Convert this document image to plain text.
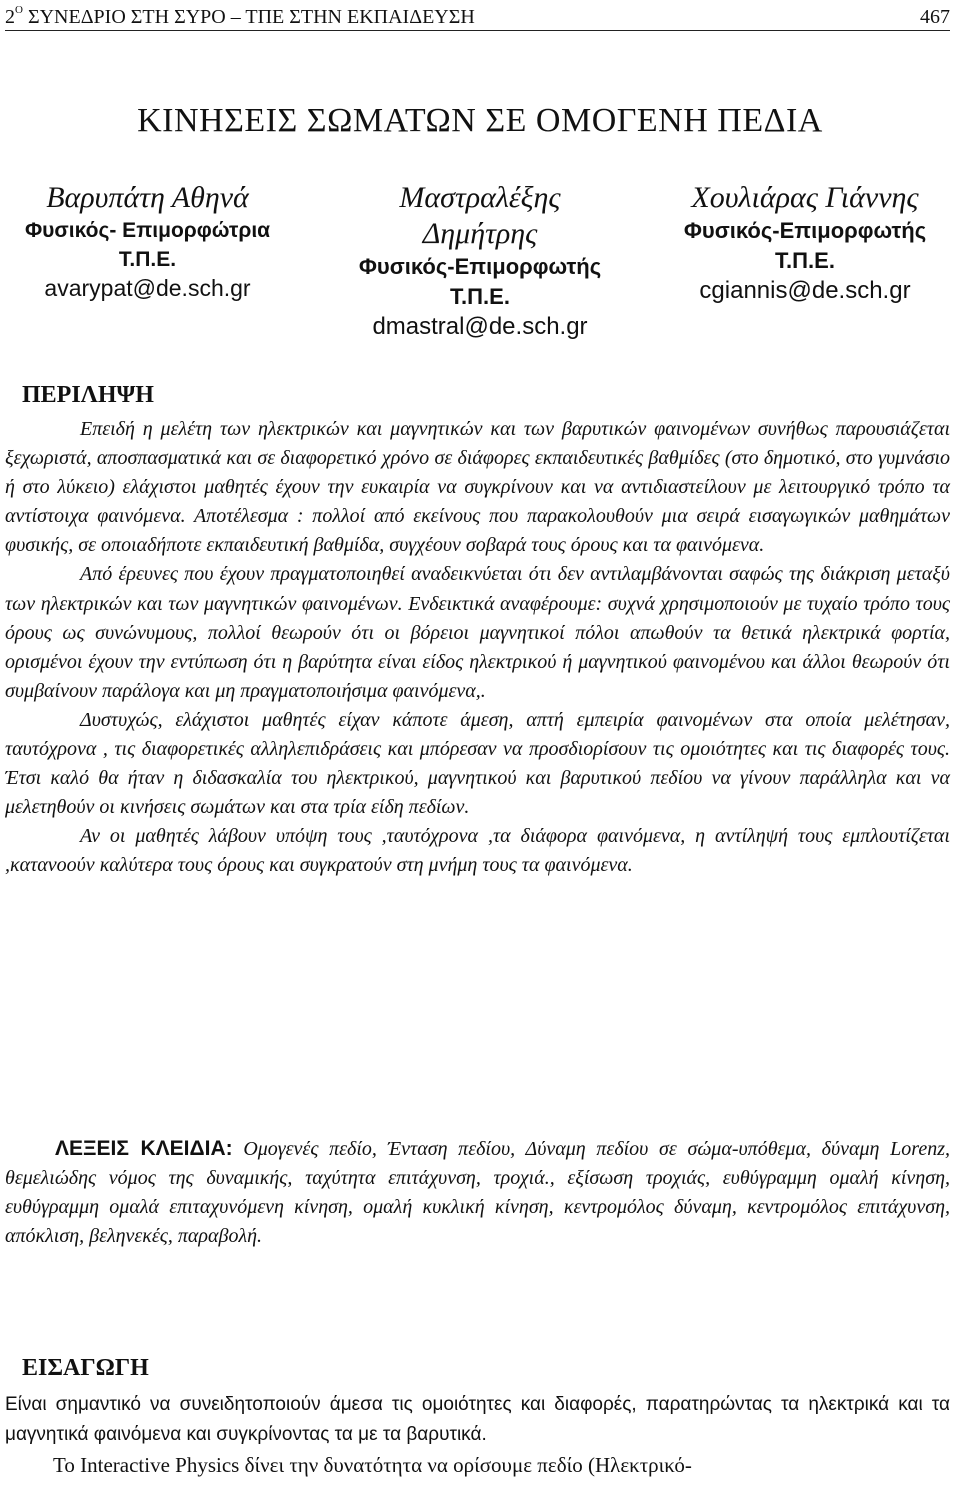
$2^O$ ΣΥΝΕΔΡΙΟ ΣΤΗ ΣΥΡΟ – ΤΠΕ ΣΤΗΝ ΕΚΠΑΙΔΕΥΣΗ	467
ΚΙΝΗΣΕΙΣ ΣΩΜΑΤΩΝ ΣΕ ΟΜΟΓΕΝΗ ΠΕΔΙΑ
Βαρυπάτη Αθηνά
Φυσικός- Επιμορφώτρια
Τ.Π.Ε.
avarypat@de.sch.gr
Μαστραλέξης
Δημήτρης
Φυσικός-Επιμορφωτής
Τ.Π.Ε.
dmastral@de.sch.gr
Χουλιάρας Γιάννης
Φυσικός-Επιμορφωτής
Τ.Π.Ε.
cgiannis@de.sch.gr
ΠΕΡΙΛΗΨΗ

Επειδή η μελέτη των ηλεκτρικών και μαγνητικών και των βαρυτικών φαινομένων συνήθως παρουσιάζεται ξεχωριστά, αποσπασματικά και σε διαφορετικό χρόνο σε διάφορες εκπαιδευτικές βαθμίδες (στο δημοτικό, στο γυμνάσιο ή στο λύκειο) ελάχιστοι μαθητές έχουν την ευκαιρία να συγκρίνουν και να αντιδιαστείλουν με λειτουργικό τρόπο τα αντίστοιχα φαινόμενα. Αποτέλεσμα : πολλοί από εκείνους που παρακολουθούν μια σειρά εισαγωγικών μαθημάτων φυσικής, σε οποιαδήποτε εκπαιδευτική βαθμίδα, συγχέουν σοβαρά τους όρους και τα φαινόμενα.

Από έρευνες που έχουν πραγματοποιηθεί αναδεικνύεται ότι δεν αντιλαμβάνονται σαφώς της διάκριση μεταξύ των ηλεκτρικών και των μαγνητικών φαινομένων. Ενδεικτικά αναφέρουμε: συχνά χρησιμοποιούν με τυχαίο τρόπο τους όρους ως συνώνυμους, πολλοί θεωρούν ότι οι βόρειοι μαγνητικοί πόλοι απωθούν τα θετικά ηλεκτρικά φορτία, ορισμένοι έχουν την εντύπωση ότι η βαρύτητα είναι είδος ηλεκτρικού ή μαγνητικού φαινομένου και άλλοι θεωρούν ότι συμβαίνουν παράλογα και μη πραγματοποιήσιμα φαινόμενα,.

Δυστυχώς, ελάχιστοι μαθητές είχαν κάποτε άμεση, απτή εμπειρία φαινομένων στα οποία μελέτησαν, ταυτόχρονα , τις διαφορετικές αλληλεπιδράσεις και μπόρεσαν να προσδιορίσουν τις ομοιότητες και τις διαφορές τους. Έτσι καλό θα ήταν η διδασκαλία του ηλεκτρικού, μαγνητικού και βαρυτικού πεδίου να γίνουν παράλληλα και να μελετηθούν οι κινήσεις σωμάτων και στα τρία είδη πεδίων.

Αν οι μαθητές λάβουν υπόψη τους ,ταυτόχρονα ,τα διάφορα φαινόμενα, η αντίληψή τους εμπλουτίζεται ,κατανοούν καλύτερα τους όρους και συγκρατούν στη μνήμη τους τα φαινόμενα.

ΛΕΞΕΙΣ ΚΛΕΙΔΙΑ: Ομογενές πεδίο, Ένταση πεδίου, Δύναμη πεδίου σε σώμα-υπόθεμα, δύναμη Lorenz, θεμελιώδης νόμος της δυναμικής, ταχύτητα επιτάχυνση, τροχιά., εξίσωση τροχιάς, ευθύγραμμη ομαλή κίνηση, ευθύγραμμη ομαλά επιταχυνόμενη κίνηση, ομαλή κυκλική κίνηση, κεντρομόλος δύναμη, κεντρομόλος επιτάχυνση, απόκλιση, βεληνεκές, παραβολή.
ΕΙΣΑΓΩΓΗ

Είναι σημαντικό να συνειδητοποιούν άμεσα τις ομοιότητες και διαφορές, παρατηρώντας τα ηλεκτρικά και τα μαγνητικά φαινόμενα και συγκρίνοντας τα με τα βαρυτικά.

Το Interactive Physics δίνει την δυνατότητα να ορίσουμε πεδίο (Ηλεκτρικό-
